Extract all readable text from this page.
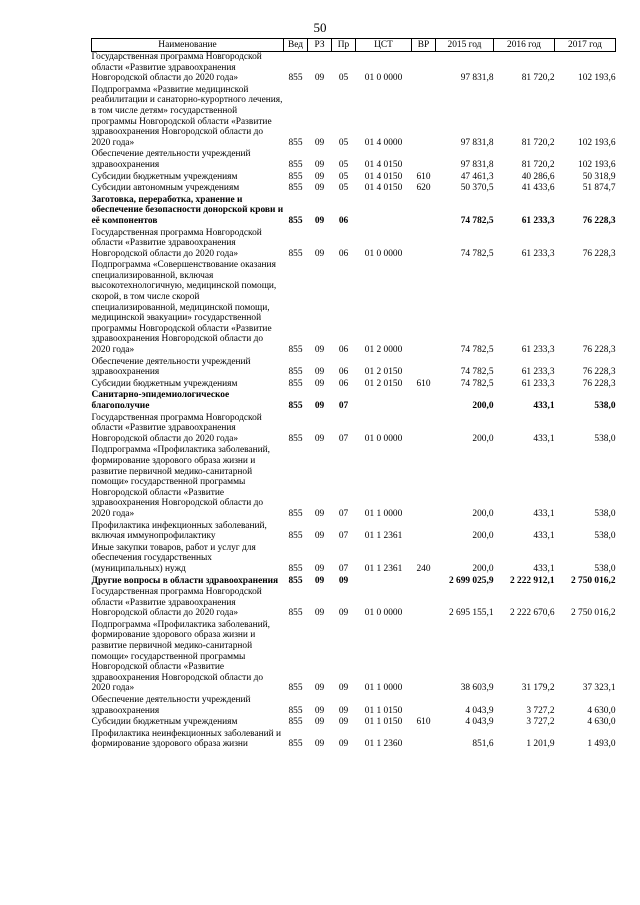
50
Наименование	Вед	РЗ	Пр	ЦСТ	ВР	2015 год	2016 год	2017 год
Государственная программа Новгородской области «Развитие здравоохранения Новгородской области до 2020 года»	855	09	05	01 0 0000		97 831,8	81 720,2	102 193,6
Подпрограмма «Развитие медицинской реабилитации и санаторно-курортного лечения, в том числе детям» государственной программы Новгородской области «Развитие здравоохранения Новгородской области до 2020 года»	855	09	05	01 4 0000		97 831,8	81 720,2	102 193,6
Обеспечение деятельности учреждений здравоохранения	855	09	05	01 4 0150		97 831,8	81 720,2	102 193,6
Субсидии бюджетным учреждениям	855	09	05	01 4 0150	610	47 461,3	40 286,6	50 318,9
Субсидии автономным учреждениям	855	09	05	01 4 0150	620	50 370,5	41 433,6	51 874,7
Заготовка, переработка, хранение и обеспечение безопасности донорской крови и её компонентов	855	09	06			74 782,5	61 233,3	76 228,3
Государственная программа Новгородской области «Развитие здравоохранения Новгородской области до 2020 года»	855	09	06	01 0 0000		74 782,5	61 233,3	76 228,3
Подпрограмма «Совершенствование оказания специализированной, включая высокотехнологичную, медицинской помощи, скорой, в том числе скорой специализированной, медицинской помощи, медицинской эвакуации» государственной программы Новгородской области «Развитие здравоохранения Новгородской области до 2020 года»	855	09	06	01 2 0000		74 782,5	61 233,3	76 228,3
Обеспечение деятельности учреждений здравоохранения	855	09	06	01 2 0150		74 782,5	61 233,3	76 228,3
Субсидии бюджетным учреждениям	855	09	06	01 2 0150	610	74 782,5	61 233,3	76 228,3
Санитарно-эпидемиологическое благополучие	855	09	07			200,0	433,1	538,0
Государственная программа Новгородской области «Развитие здравоохранения Новгородской области до 2020 года»	855	09	07	01 0 0000		200,0	433,1	538,0
Подпрограмма «Профилактика заболеваний, формирование здорового образа жизни и развитие первичной медико-санитарной помощи» государственной программы Новгородской области «Развитие здравоохранения Новгородской области до 2020 года»	855	09	07	01 1 0000		200,0	433,1	538,0
Профилактика инфекционных заболеваний, включая иммунопрофилактику	855	09	07	01 1 2361		200,0	433,1	538,0
Иные закупки товаров, работ и услуг для обеспечения государственных (муниципальных) нужд	855	09	07	01 1 2361	240	200,0	433,1	538,0
Другие вопросы в области здравоохранения	855	09	09			2 699 025,9	2 222 912,1	2 750 016,2
Государственная программа Новгородской области «Развитие здравоохранения Новгородской области до 2020 года»	855	09	09	01 0 0000		2 695 155,1	2 222 670,6	2 750 016,2
Подпрограмма «Профилактика заболеваний, формирование здорового образа жизни и развитие первичной медико-санитарной помощи» государственной программы Новгородской области «Развитие здравоохранения Новгородской области до 2020 года»	855	09	09	01 1 0000		38 603,9	31 179,2	37 323,1
Обеспечение деятельности учреждений здравоохранения	855	09	09	01 1 0150		4 043,9	3 727,2	4 630,0
Субсидии бюджетным учреждениям	855	09	09	01 1 0150	610	4 043,9	3 727,2	4 630,0
Профилактика неинфекционных заболеваний и формирование здорового образа жизни	855	09	09	01 1 2360		851,6	1 201,9	1 493,0
